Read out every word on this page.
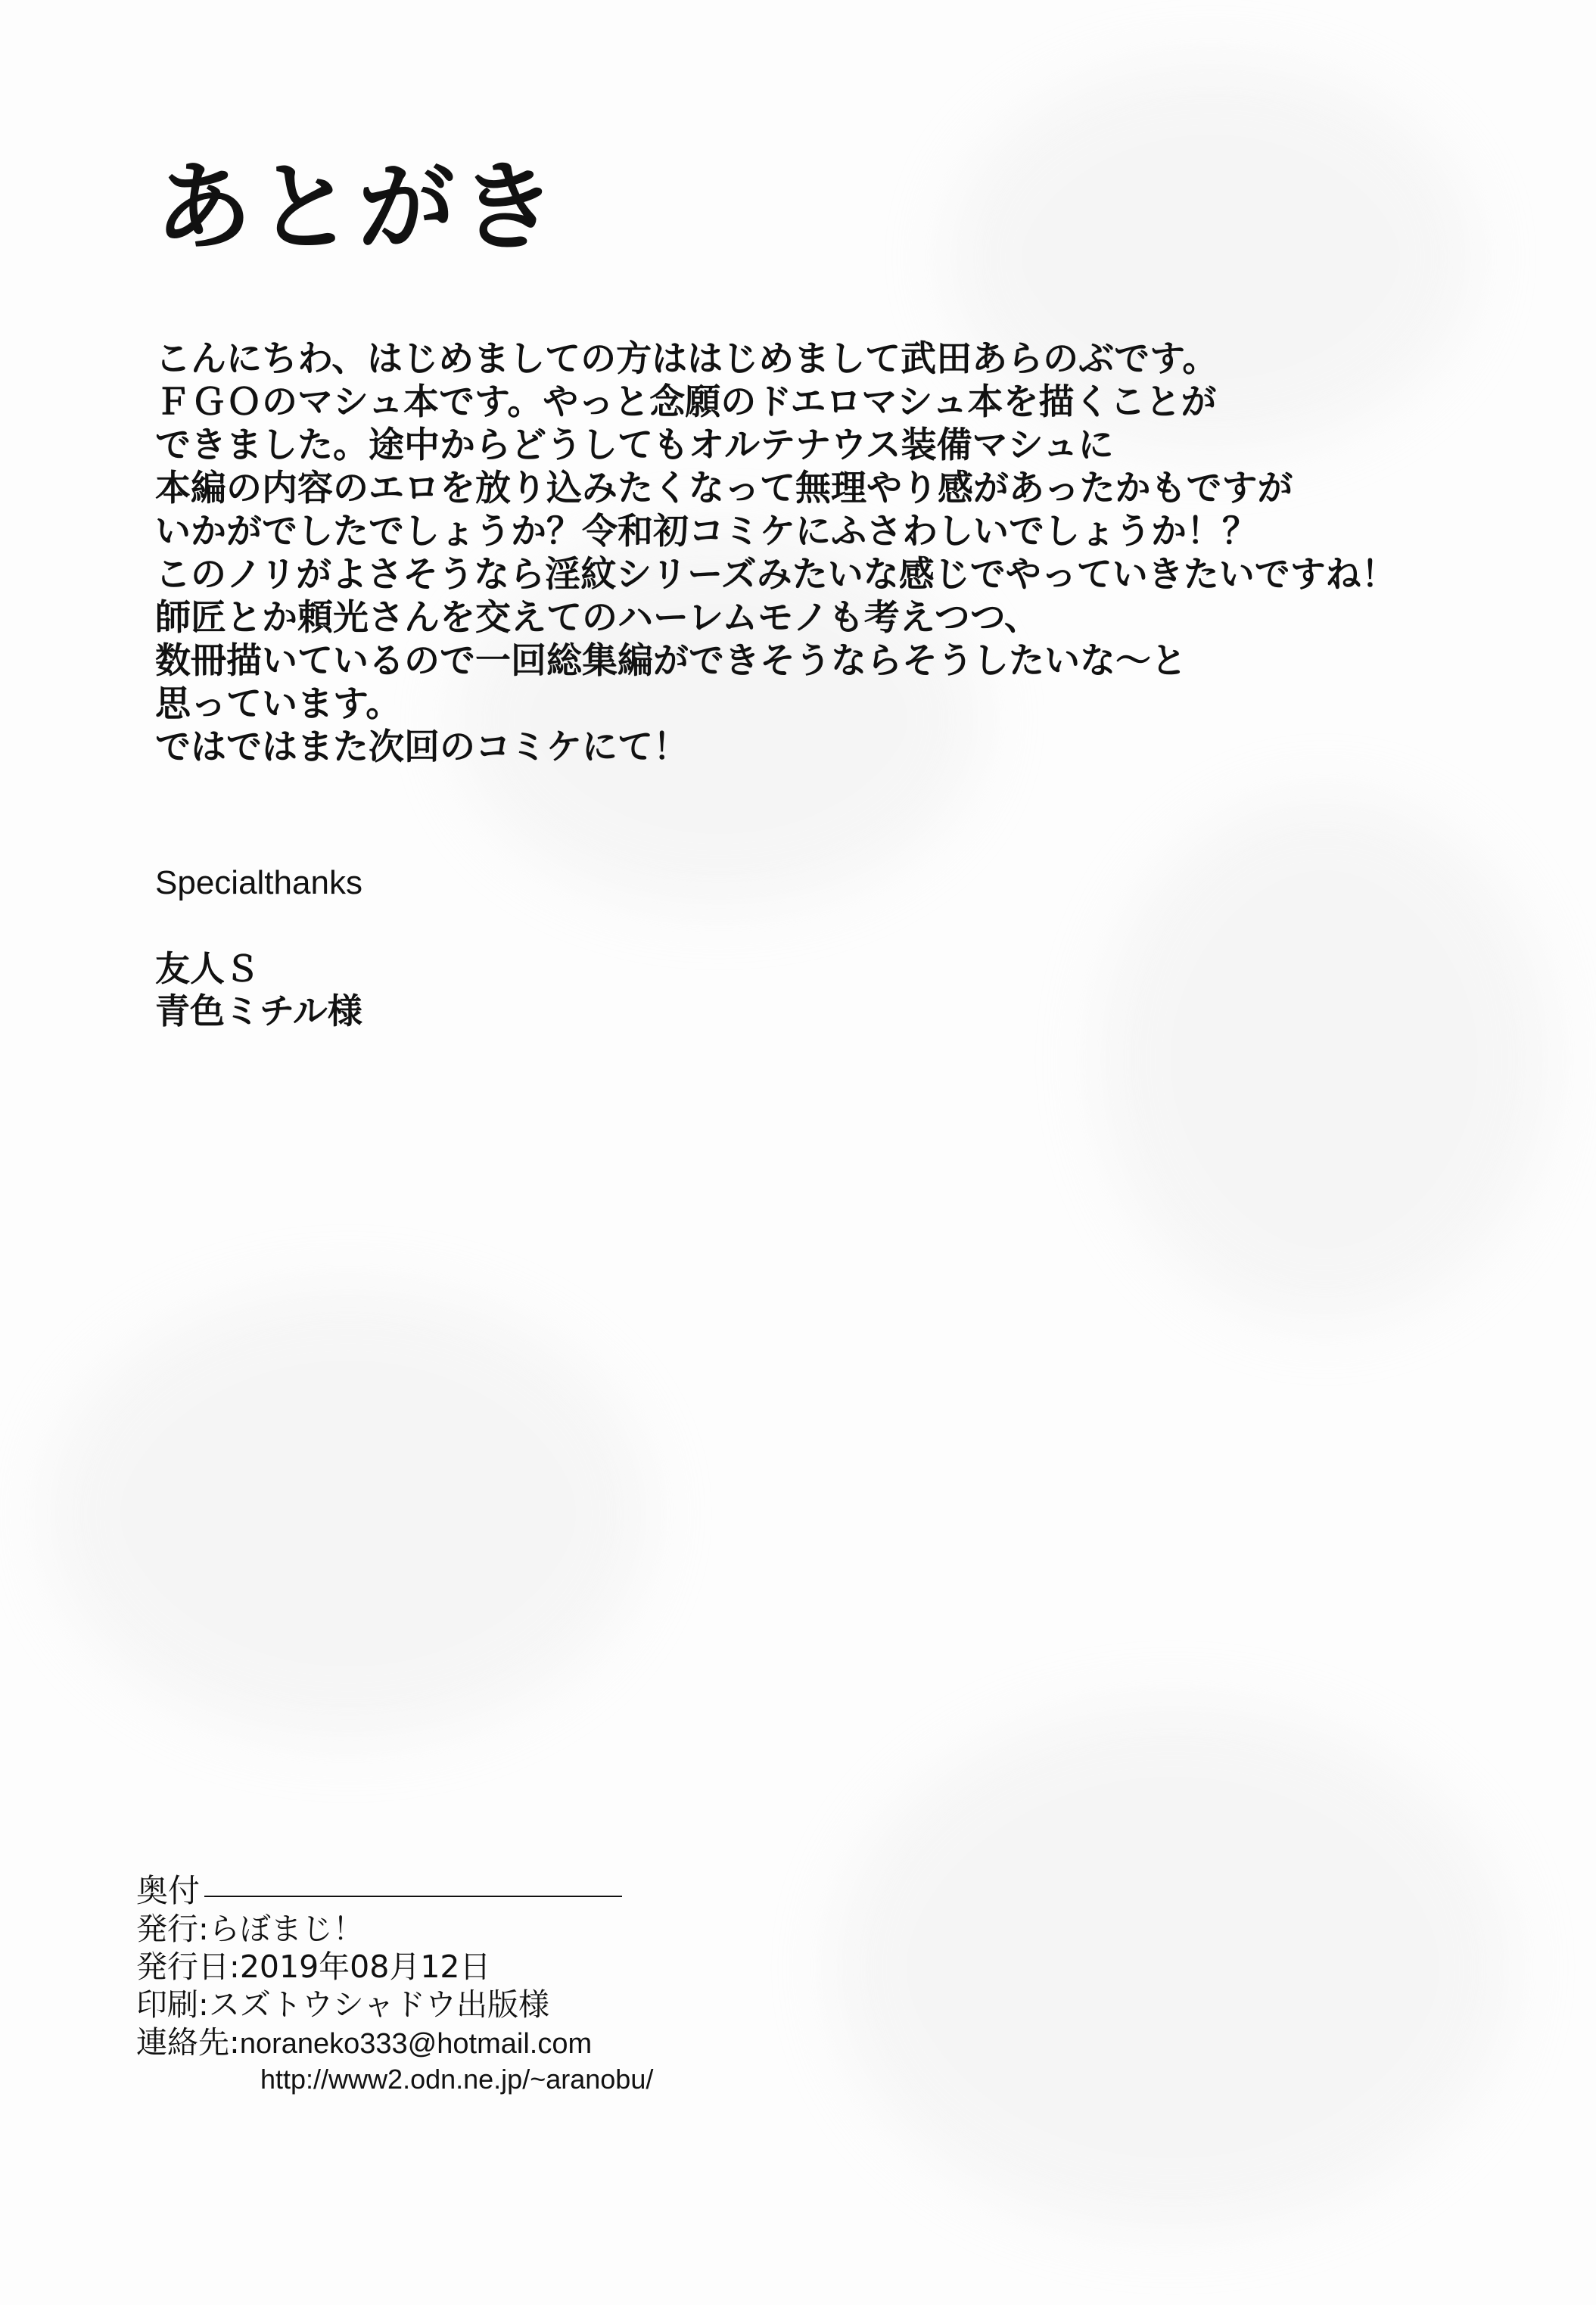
あとがき
こんにちわ、はじめましての方ははじめまして武田あらのぶです。
ＦＧＯのマシュ本です。やっと念願のドエロマシュ本を描くことが
できました。途中からどうしてもオルテナウス装備マシュに
本編の内容のエロを放り込みたくなって無理やり感があったかもですが
いかがでしたでしょうか？令和初コミケにふさわしいでしょうか！？
このノリがよさそうなら淫紋シリーズみたいな感じでやっていきたいですね！
師匠とか頼光さんを交えてのハーレムモノも考えつつ、
数冊描いているので一回総集編ができそうならそうしたいな～と
思っています。
ではではまた次回のコミケにて！
Specialthanks
友人Ｓ
青色ミチル様
奥付
発行:らぼまじ！
発行日:2019年08月12日
印刷:スズトウシャドウ出版様
連絡先:noraneko333@hotmail.com
http://www2.odn.ne.jp/~aranobu/
